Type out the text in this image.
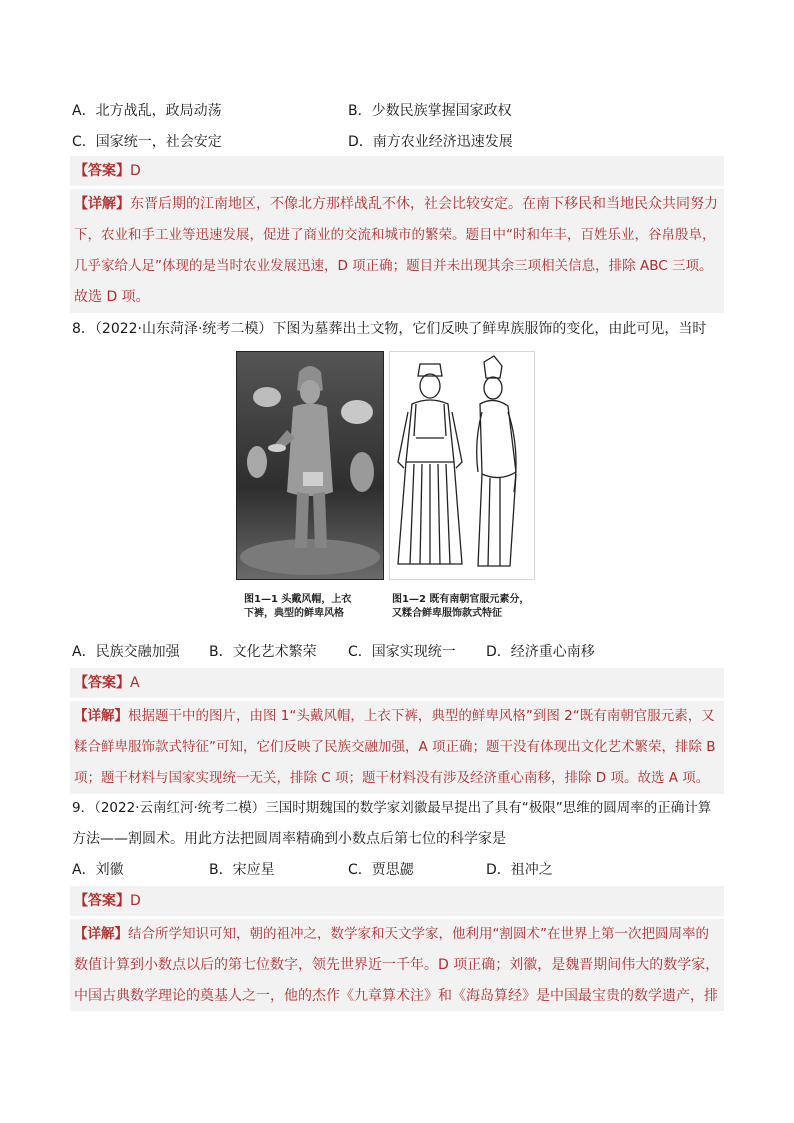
A．北方战乱，政局动荡	B．少数民族掌握国家政权
C．国家统一，社会安定	D．南方农业经济迅速发展
【答案】D
【详解】东晋后期的江南地区，不像北方那样战乱不休，社会比较安定。在南下移民和当地民众共同努力
下，农业和手工业等迅速发展，促进了商业的交流和城市的繁荣。题目中“时和年丰，百姓乐业，谷帛殷阜，
几乎家给人足”体现的是当时农业发展迅速，D 项正确；题目并未出现其余三项相关信息，排除 ABC 三项。
故选 D 项。
8．（2022·山东菏泽·统考二模）下图为墓葬出土文物，它们反映了鲜卑族服饰的变化，由此可见，当时
图1—1 头戴风帽，上衣
下裤，典型的鲜卑风格
图1—2 既有南朝官服元素分，
又糅合鲜卑服饰款式特征
A．民族交融加强 B．文化艺术繁荣 C．国家实现统一 D．经济重心南移
【答案】A
【详解】根据题干中的图片，由图 1“头戴风帽，上衣下裤，典型的鲜卑风格”到图 2“既有南朝官服元素，又
糅合鲜卑服饰款式特征”可知，它们反映了民族交融加强，A 项正确；题干没有体现出文化艺术繁荣，排除 B
项；题干材料与国家实现统一无关，排除 C 项；题干材料没有涉及经济重心南移，排除 D 项。故选 A 项。
9．（2022·云南红河·统考二模）三国时期魏国的数学家刘徽最早提出了具有“极限”思维的圆周率的正确计算
方法——割圆术。用此方法把圆周率精确到小数点后第七位的科学家是
A．刘徽	B．宋应星	C．贾思勰	D．祖冲之
【答案】D
【详解】结合所学知识可知，朝的祖冲之，数学家和天文学家，他利用“割圆术”在世界上第一次把圆周率的
数值计算到小数点以后的第七位数字，领先世界近一千年。D 项正确；刘徽，是魏晋期间伟大的数学家，
中国古典数学理论的奠基人之一，他的杰作《九章算术注》和《海岛算经》是中国最宝贵的数学遗产，排
